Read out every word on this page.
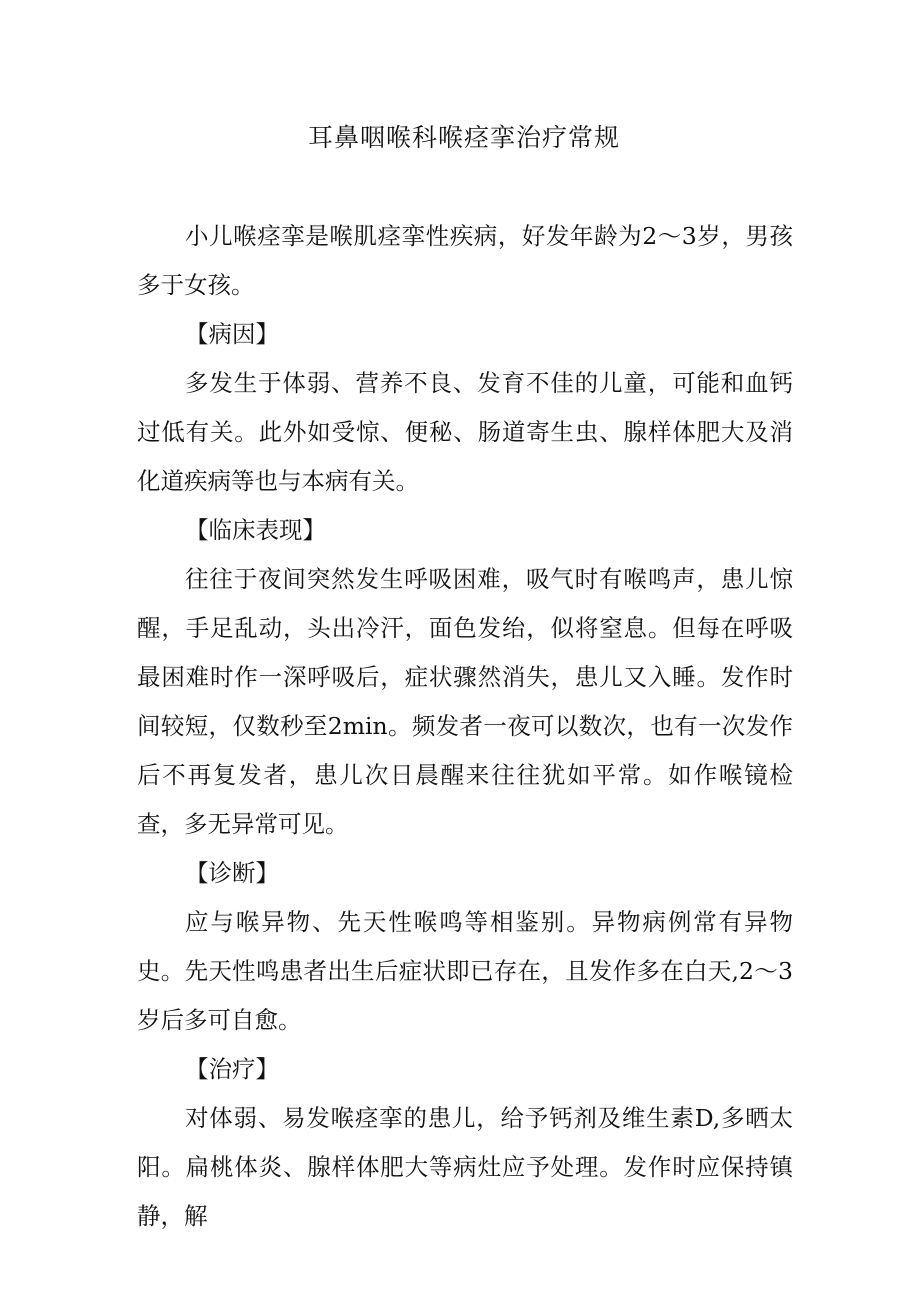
耳鼻咽喉科喉痉挛治疗常规

小儿喉痉挛是喉肌痉挛性疾病，好发年龄为2～3岁，男孩多于女孩。

【病因】

多发生于体弱、营养不良、发育不佳的儿童，可能和血钙过低有关。此外如受惊、便秘、肠道寄生虫、腺样体肥大及消化道疾病等也与本病有关。

【临床表现】

往往于夜间突然发生呼吸困难，吸气时有喉鸣声，患儿惊醒，手足乱动，头出冷汗，面色发绐，似将窒息。但每在呼吸最困难时作一深呼吸后，症状骤然消失，患儿又入睡。发作时间较短，仅数秒至2min。频发者一夜可以数次，也有一次发作后不再复发者，患儿次日晨醒来往往犹如平常。如作喉镜检查，多无异常可见。

【诊断】

应与喉异物、先天性喉鸣等相鉴别。异物病例常有异物史。先天性鸣患者出生后症状即已存在，且发作多在白天,2～3岁后多可自愈。

【治疗】

对体弱、易发喉痉挛的患儿，给予钙剂及维生素D,多晒太阳。扁桃体炎、腺样体肥大等病灶应予处理。发作时应保持镇静，解
